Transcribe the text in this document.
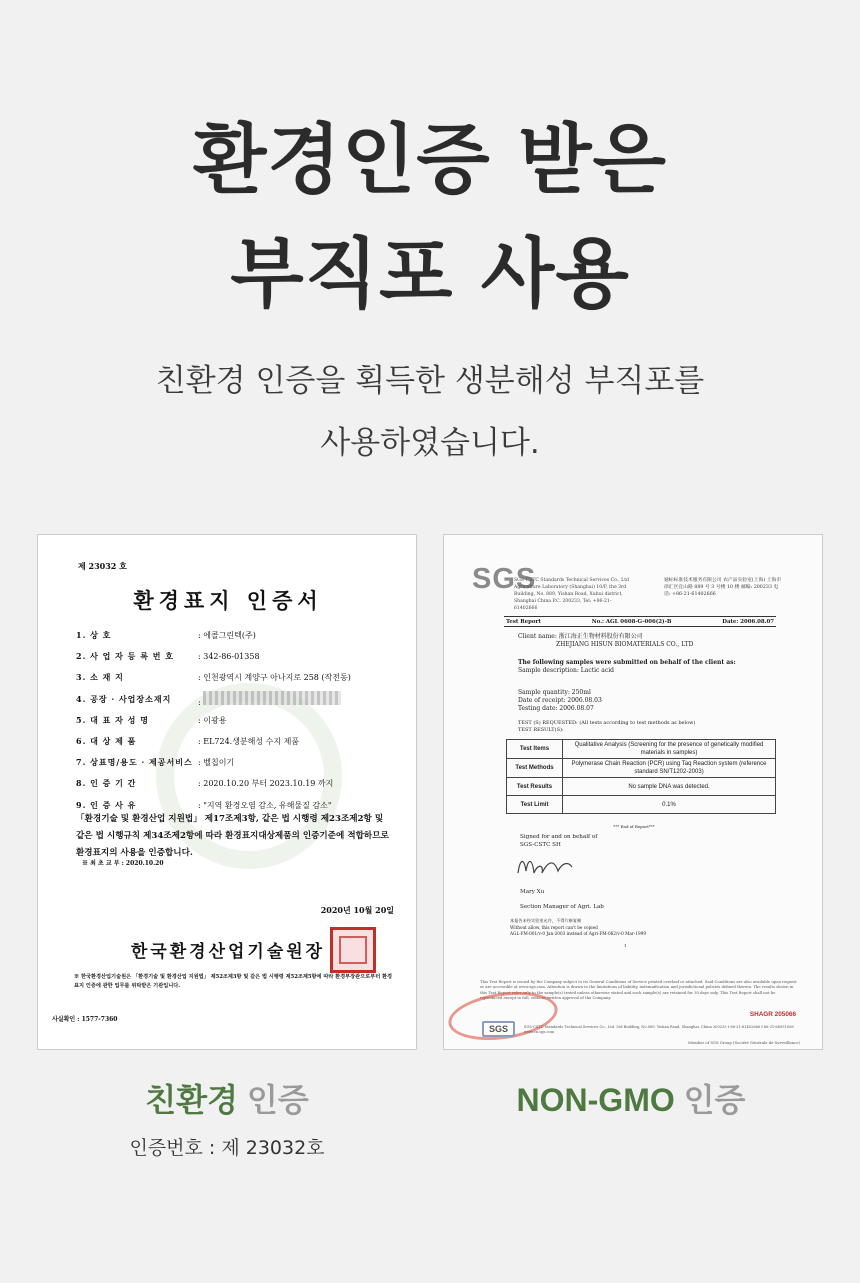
환경인증 받은
부직포 사용
친환경 인증을 획득한 생분해성 부직포를
사용하였습니다.
제 23032 호
환경표지 인증서
1. 상 호	: 에콜그린텍(주)
2. 사 업 자 등 록 번 호	: 342-86-01358
3. 소 재 지	: 인천광역시 계양구 아나지로 258 (작전동)
4. 공장 · 사업장소재지	:
5. 대 표 자 성 명	: 이광용
6. 대 상 제 품	: EL724.생분해성 수지 제품
7. 상표명/용도 · 제공서비스 : 벨칩이기
8. 인 증 기 간	: 2020.10.20 부터 2023.10.19 까지
9. 인 증 사 유	: "지역 환경오염 감소, 유해물질 감소"
「환경기술 및 환경산업 지원법」 제17조제3항, 같은 법 시행령 제23조제2항 및 같은 법 시행규칙 제34조제2항에 따라 환경표지대상제품의 인증기준에 적합하므로 환경표지의 사용을 인증합니다.
※ 최 초 교 부 : 2020.10.20
2020년 10월 20일
한국환경산업기술원장
※ 한국환경산업기술원은 「환경기술 및 환경산업 지원법」 제52조제3항 및 같은 법 시행령 제52조제5항에 따라 환경부장관으로부터 환경표지 인증에 관한 업무를 위탁받은 기관입니다.
사실확인 : 1577-7360
SGS
SGS-CSTC Standards Technical Services Co., Ltd Agriculture Laboratory (Shanghai) 10/F, the 3rd Building, No. 889, Yishan Road, Xuhui district, Shanghai China P.C. 200233, Tel: +86-21-61402666
通标标准技术服务有限公司 农产品实验室(上海) 上海市徐汇区宜山路 889 号 3 号楼 10 楼 邮编: 200233 电话: +86-21-61402666
Test Report	No.: AGL 0608-G-006(2)-B	Date: 2006.08.07
Client name: 浙江海正生物材料股份有限公司
ZHEJIANG HISUN BIOMATERIALS CO., LTD
The following samples were submitted on behalf of the client as:
Sample description: Lactic acid
Sample quantity: 250ml
Date of receipt: 2006.08.03
Testing date: 2006.08.07
TEST (S) REQUESTED: (All tests according to test methods as below)
TEST RESULT(S):
Test Items	Qualitative Analysis (Screening for the presence of genetically modified materials in samples)
Test Methods	Polymerase Chain Reaction (PCR) using Taq Reaction system (reference standard SN/T1202-2003)
Test Results	No sample DNA was detected.
Test Limit	0.1%
*** End of Report***
Signed for and on behalf of
SGS-CSTC SH
Mary Xu
Section Manager of Agri. Lab
本报告未经实验室允许，不得片断复制
Without allow, this report can't be copied
AGL-FM-001/v-0 Jan-2003 instead of Agri-FM-062/v-0 Mar-1999
1
This Test Report is issued by the Company subject to its General Conditions of Service printed overleaf or attached. Said Conditions are also available upon request or are accessible at www.sgs.com. Attention is drawn to the limitations of liability, indemnification and jurisdictional policies defined therein. The results shown in this Test Report refer only to the sample(s) tested unless otherwise stated and such sample(s) are retained for 30 days only. This Test Report shall not be reproduced except in full, without written approval of the Company.
SHAGR 205066
SGS	SGS-CSTC Standards Technical Services Co., Ltd. 3rd Building, No.889, Yishan Road, Shanghai, China 200233 t 86-21-61402666 f 86-21-64951008 www.cn.sgs.com
Member of SGS Group (Société Générale de Surveillance)
친환경 인증
인증번호 : 제 23032호
NON-GMO 인증
